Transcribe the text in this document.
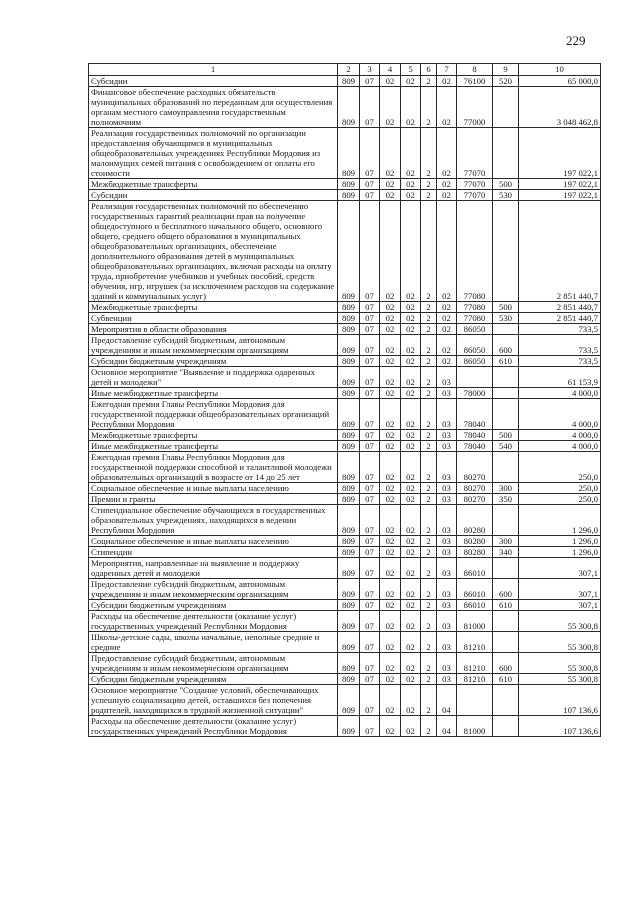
229
1	2	3	4	5	6	7	8	9	10
Субсидии	809	07	02	02	2	02	76100	520	65 000,0
Финансовое обеспечение расходных обязательств муниципальных образований по переданным для осуществления органам местного самоуправления государственным полномочиям	809	07	02	02	2	02	77000		3 048 462,8
Реализация государственных полномочий по организации предоставления обучающимся в муниципальных общеобразовательных учреждениях Республики Мордовия из малоимущих семей питания с освобождением от оплаты его стоимости	809	07	02	02	2	02	77070		197 022,1
Межбюджетные трансферты	809	07	02	02	2	02	77070	500	197 022,1
Субсидии	809	07	02	02	2	02	77070	530	197 022,1
Реализация государственных полномочий по обеспечению государственных гарантий реализации прав на получение общедоступного и бесплатного начального общего, основного общего, среднего общего образования в муниципальных общеобразовательных организациях, обеспечение дополнительного образования детей в муниципальных общеобразовательных организациях, включая расходы на оплату труда, приобретение учебников и учебных пособий, средств обучения, игр, игрушек (за исключением расходов на содержание зданий и коммунальных услуг)	809	07	02	02	2	02	77080		2 851 440,7
Межбюджетные трансферты	809	07	02	02	2	02	77080	500	2 851 440,7
Субвенции	809	07	02	02	2	02	77080	530	2 851 440,7
Мероприятия в области образования	809	07	02	02	2	02	86050		733,5
Предоставление субсидий бюджетным, автономным учреждениям и иным некоммерческим организациям	809	07	02	02	2	02	86050	600	733,5
Субсидии бюджетным учреждениям	809	07	02	02	2	02	86050	610	733,5
Основное мероприятие "Выявление и поддержка одаренных детей и молодежи"	809	07	02	02	2	03			61 153,9
Иные межбюджетные трансферты	809	07	02	02	2	03	78000		4 000,0
Ежегодная премия Главы Республики Мордовия для государственной поддержки общеобразовательных организаций Республики Мордовия	809	07	02	02	2	03	78040		4 000,0
Межбюджетные трансферты	809	07	02	02	2	03	78040	500	4 000,0
Иные межбюджетные трансферты	809	07	02	02	2	03	78040	540	4 000,0
Ежегодная премия Главы Республики Мордовия для государственной поддержки способной и талантливой молодежи образовательных организаций в возрасте от 14 до 25 лет	809	07	02	02	2	03	80270		250,0
Социальное обеспечение и иные выплаты населению	809	07	02	02	2	03	80270	300	250,0
Премии и гранты	809	07	02	02	2	03	80270	350	250,0
Стипендиальное обеспечение обучающихся в государственных образовательных учреждениях, находящихся в ведении Республики Мордовия	809	07	02	02	2	03	80280		1 296,0
Социальное обеспечение и иные выплаты населению	809	07	02	02	2	03	80280	300	1 296,0
Стипендии	809	07	02	02	2	03	80280	340	1 296,0
Мероприятия, направленные на выявление и поддержку одаренных детей и молодежи	809	07	02	02	2	03	86010		307,1
Предоставление субсидий бюджетным, автономным учреждениям и иным некоммерческим организациям	809	07	02	02	2	03	86010	600	307,1
Субсидии бюджетным учреждениям	809	07	02	02	2	03	86010	610	307,1
Расходы на обеспечение деятельности (оказание услуг) государственных учреждений Республики Мордовия	809	07	02	02	2	03	81000		55 300,8
Школы-детские сады, школы начальные, неполные средние и средние	809	07	02	02	2	03	81210		55 300,8
Предоставление субсидий бюджетным, автономным учреждениям и иным некоммерческим организациям	809	07	02	02	2	03	81210	600	55 300,8
Субсидии бюджетным учреждениям	809	07	02	02	2	03	81210	610	55 300,8
Основное мероприятие "Создание условий, обеспечивающих успешную социализацию детей, оставшихся без попечения родителей, находящихся в трудной жизненной ситуации"	809	07	02	02	2	04			107 136,6
Расходы на обеспечение деятельности (оказание услуг) государственных учреждений Республики Мордовия	809	07	02	02	2	04	81000		107 136,6
